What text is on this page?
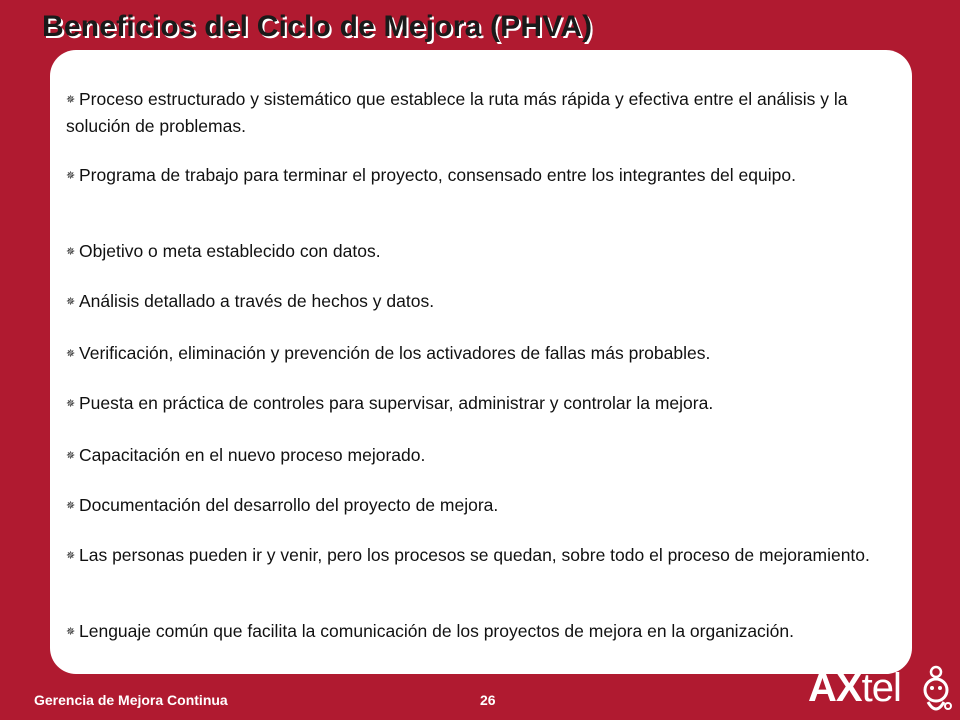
Beneficios del Ciclo de Mejora (PHVA)
✵ Proceso estructurado y sistemático que establece la ruta más rápida y efectiva entre el análisis y la solución de problemas.
✵ Programa de trabajo para terminar el proyecto, consensado entre los integrantes del equipo.
✵ Objetivo o meta establecido con datos.
✵ Análisis detallado a través de hechos y datos.
✵ Verificación, eliminación y prevención de los activadores de fallas más probables.
✵ Puesta en práctica de controles para supervisar, administrar y controlar la mejora.
✵ Capacitación en el nuevo proceso mejorado.
✵ Documentación del desarrollo del proyecto de mejora.
✵ Las personas pueden ir y venir, pero los procesos se quedan, sobre todo el proceso de mejoramiento.
✵ Lenguaje común que facilita la comunicación de los proyectos de mejora en la organización.
Gerencia de Mejora Continua	26	AXtel
